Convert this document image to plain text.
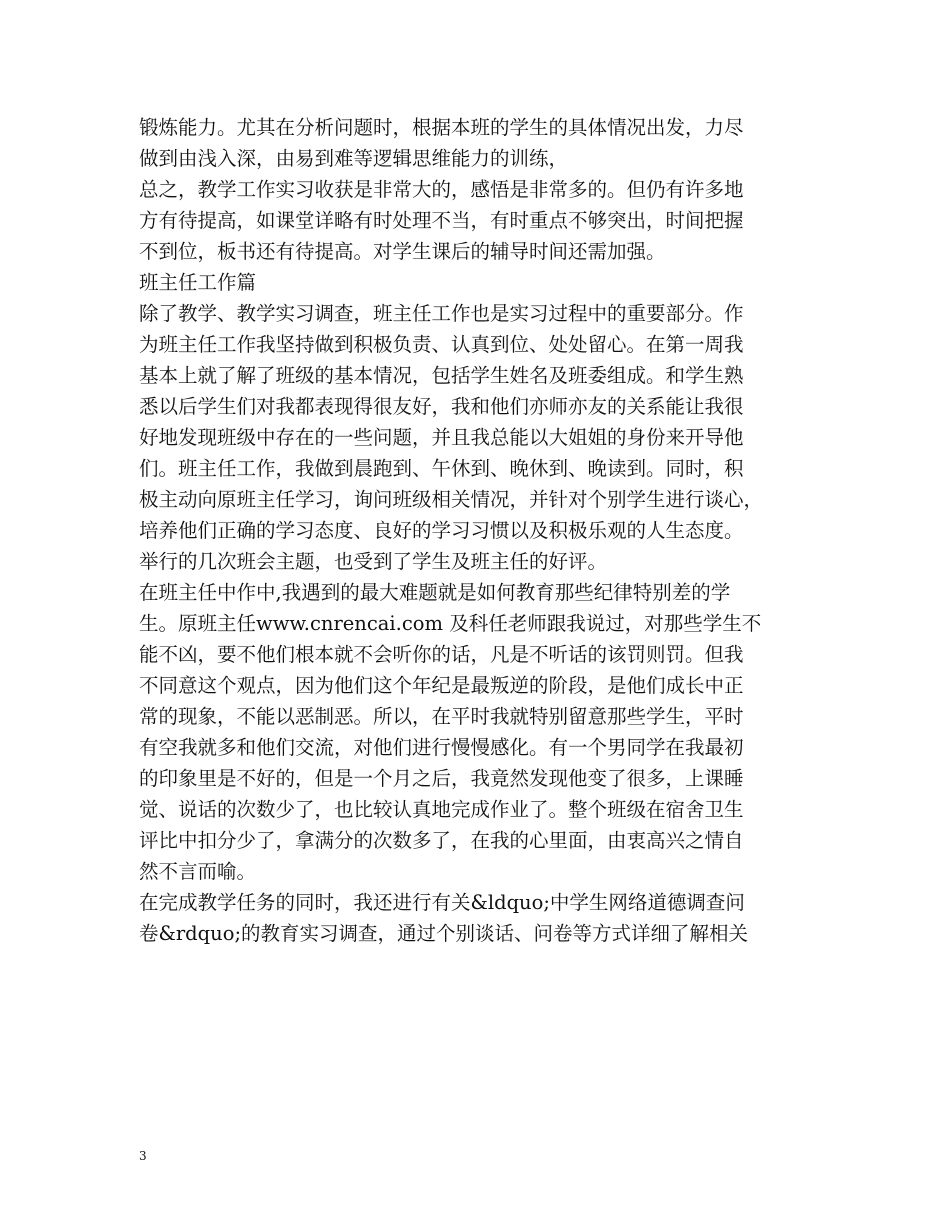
锻炼能力。尤其在分析问题时，根据本班的学生的具体情况出发，力尽
做到由浅入深，由易到难等逻辑思维能力的训练，
总之，教学工作实习收获是非常大的，感悟是非常多的。但仍有许多地
方有待提高，如课堂详略有时处理不当，有时重点不够突出，时间把握
不到位，板书还有待提高。对学生课后的辅导时间还需加强。
班主任工作篇
除了教学、教学实习调查，班主任工作也是实习过程中的重要部分。作
为班主任工作我坚持做到积极负责、认真到位、处处留心。在第一周我
基本上就了解了班级的基本情况，包括学生姓名及班委组成。和学生熟
悉以后学生们对我都表现得很友好，我和他们亦师亦友的关系能让我很
好地发现班级中存在的一些问题，并且我总能以大姐姐的身份来开导他
们。班主任工作，我做到晨跑到、午休到、晚休到、晚读到。同时，积
极主动向原班主任学习，询问班级相关情况，并针对个别学生进行谈心，
培养他们正确的学习态度、良好的学习习惯以及积极乐观的人生态度。
举行的几次班会主题，也受到了学生及班主任的好评。
在班主任中作中,我遇到的最大难题就是如何教育那些纪律特别差的学
生。原班主任www.cnrencai.com 及科任老师跟我说过，对那些学生不
能不凶，要不他们根本就不会听你的话，凡是不听话的该罚则罚。但我
不同意这个观点，因为他们这个年纪是最叛逆的阶段，是他们成长中正
常的现象，不能以恶制恶。所以，在平时我就特别留意那些学生，平时
有空我就多和他们交流，对他们进行慢慢感化。有一个男同学在我最初
的印象里是不好的，但是一个月之后，我竟然发现他变了很多，上课睡
觉、说话的次数少了，也比较认真地完成作业了。整个班级在宿舍卫生
评比中扣分少了，拿满分的次数多了，在我的心里面，由衷高兴之情自
然不言而喻。
在完成教学任务的同时，我还进行有关&ldquo;中学生网络道德调查问
卷&rdquo;的教育实习调查，通过个别谈话、问卷等方式详细了解相关
3
